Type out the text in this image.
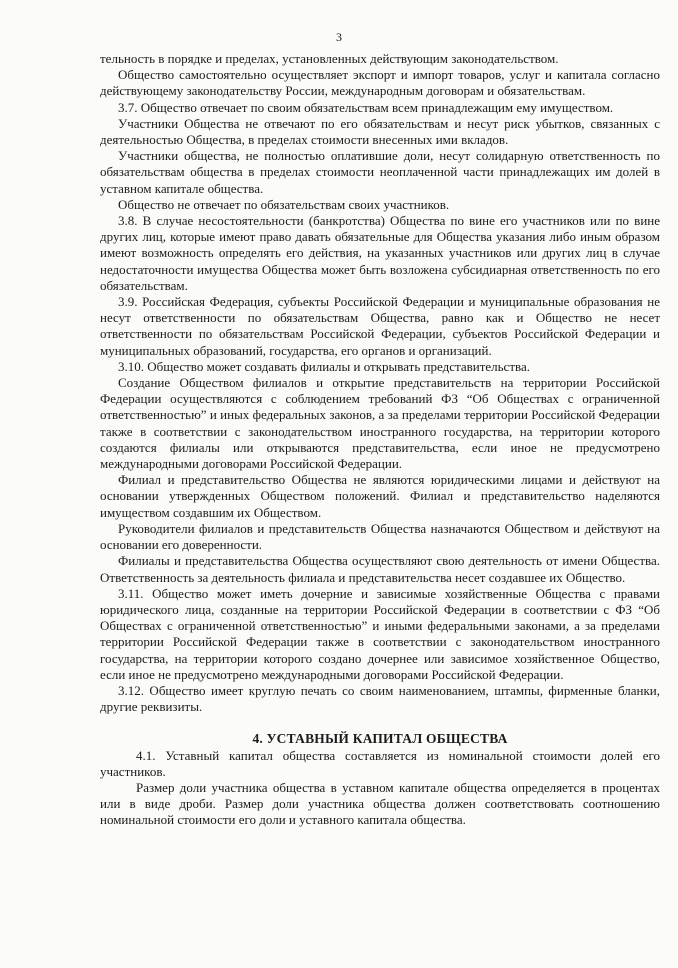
3

тельность в порядке и пределах, установленных действующим законодательством.

Общество самостоятельно осуществляет экспорт и импорт товаров, услуг и капитала согласно действующему законодательству России, международным договорам и обязательствам.

3.7. Общество отвечает по своим обязательствам всем принадлежащим ему имуществом.

Участники Общества не отвечают по его обязательствам и несут риск убытков, связанных с деятельностью Общества, в пределах стоимости внесенных ими вкладов.

Участники общества, не полностью оплатившие доли, несут солидарную ответственность по обязательствам общества в пределах стоимости неоплаченной части принадлежащих им долей в уставном капитале общества.

Общество не отвечает по обязательствам своих участников.

3.8. В случае несостоятельности (банкротства) Общества по вине его участников или по вине других лиц, которые имеют право давать обязательные для Общества указания либо иным образом имеют возможность определять его действия, на указанных участников или других лиц в случае недостаточности имущества Общества может быть возложена субсидиарная ответственность по его обязательствам.

3.9. Российская Федерация, субъекты Российской Федерации и муниципальные образования не несут ответственности по обязательствам Общества, равно как и Общество не несет ответственности по обязательствам Российской Федерации, субъектов Российской Федерации и муниципальных образований, государства, его органов и организаций.

3.10. Общество может создавать филиалы и открывать представительства.

Создание Обществом филиалов и открытие представительств на территории Российской Федерации осуществляются с соблюдением требований ФЗ “Об Обществах с ограниченной ответственностью” и иных федеральных законов, а за пределами территории Российской Федерации также в соответствии с законодательством иностранного государства, на территории которого создаются филиалы или открываются представительства, если иное не предусмотрено международными договорами Российской Федерации.

Филиал и представительство Общества не являются юридическими лицами и действуют на основании утвержденных Обществом положений. Филиал и представительство наделяются имуществом создавшим их Обществом.

Руководители филиалов и представительств Общества назначаются Обществом и действуют на основании его доверенности.

Филиалы и представительства Общества осуществляют свою деятельность от имени Общества. Ответственность за деятельность филиала и представительства несет создавшее их Общество.

3.11. Общество может иметь дочерние и зависимые хозяйственные Общества с правами юридического лица, созданные на территории Российской Федерации в соответствии с ФЗ “Об Обществах с ограниченной ответственностью” и иными федеральными законами, а за пределами территории Российской Федерации также в соответствии с законодательством иностранного государства, на территории которого создано дочернее или зависимое хозяйственное Общество, если иное не предусмотрено международными договорами Российской Федерации.

3.12. Общество имеет круглую печать со своим наименованием, штампы, фирменные бланки, другие реквизиты.

4. УСТАВНЫЙ КАПИТАЛ ОБЩЕСТВА

4.1. Уставный капитал общества составляется из номинальной стоимости долей его участников.

Размер доли участника общества в уставном капитале общества определяется в процентах или в виде дроби. Размер доли участника общества должен соответствовать соотношению номинальной стоимости его доли и уставного капитала общества.
